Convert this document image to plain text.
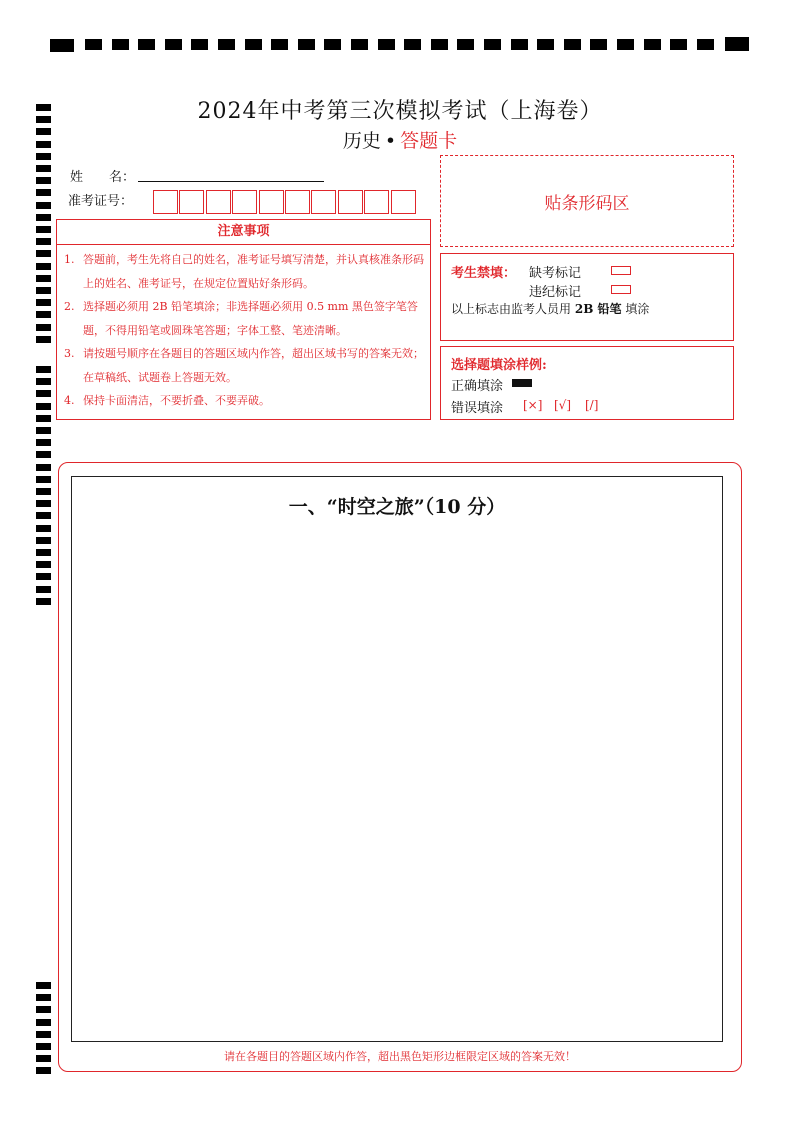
2024年中考第三次模拟考试（上海卷）
历史 • 答题卡
姓　　名：
准考证号：	贴条形码区
注意事项
1. 答题前，考生先将自己的姓名，准考证号填写清楚，并认真核准条形码上的姓名、准考证号，在规定位置贴好条形码。
2. 选择题必须用 2B 铅笔填涂；非选择题必须用 0.5 mm 黑色签字笔答题，不得用铅笔或圆珠笔答题；字体工整、笔迹清晰。
3. 请按题号顺序在各题目的答题区域内作答，超出区域书写的答案无效；在草稿纸、试题卷上答题无效。
4. 保持卡面清洁，不要折叠、不要弄破。
考生禁填： 缺考标记
违纪标记
以上标志由监考人员用 2B 铅笔 填涂
选择题填涂样例:
正确填涂
错误填涂 [×] [√] [/]
一、“时空之旅”（10 分）
请在各题目的答题区域内作答，超出黑色矩形边框限定区域的答案无效！
